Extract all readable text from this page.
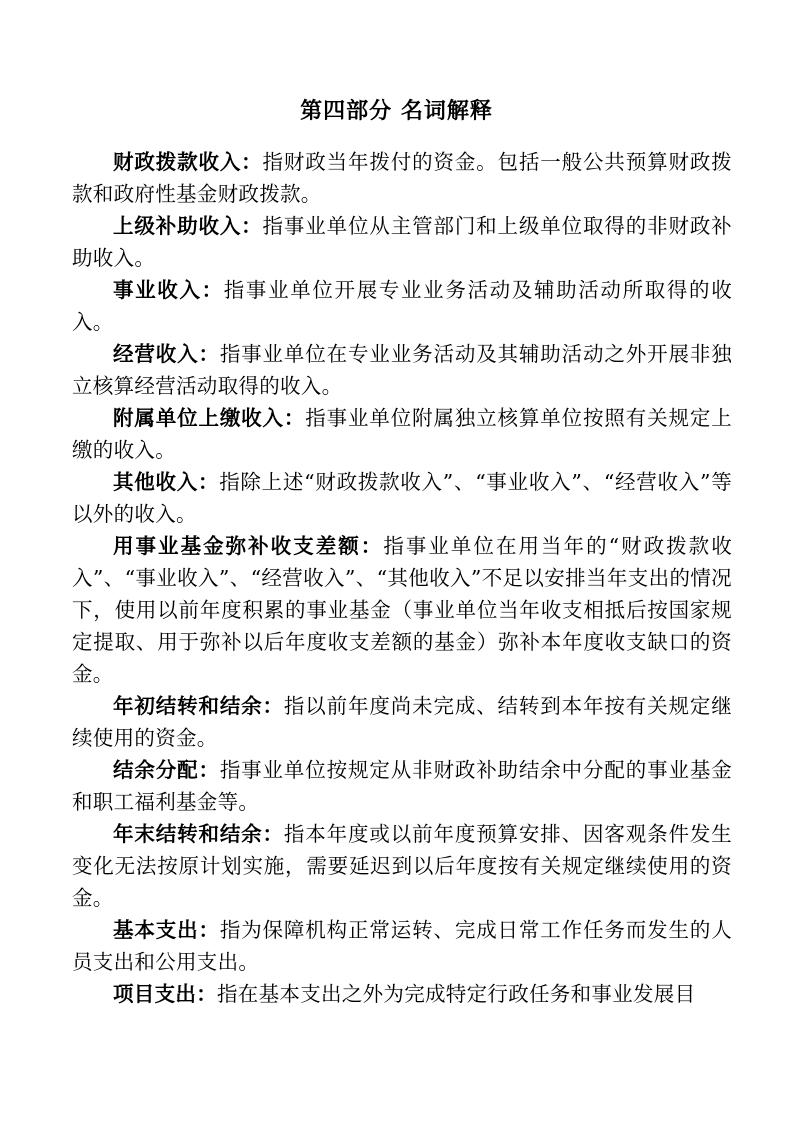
第四部分 名词解释

财政拨款收入：指财政当年拨付的资金。包括一般公共预算财政拨款和政府性基金财政拨款。

上级补助收入：指事业单位从主管部门和上级单位取得的非财政补助收入。

事业收入：指事业单位开展专业业务活动及辅助活动所取得的收入。

经营收入：指事业单位在专业业务活动及其辅助活动之外开展非独立核算经营活动取得的收入。

附属单位上缴收入：指事业单位附属独立核算单位按照有关规定上缴的收入。

其他收入：指除上述“财政拨款收入”、“事业收入”、“经营收入”等以外的收入。

用事业基金弥补收支差额：指事业单位在用当年的“财政拨款收入”、“事业收入”、“经营收入”、“其他收入”不足以安排当年支出的情况下，使用以前年度积累的事业基金（事业单位当年收支相抵后按国家规定提取、用于弥补以后年度收支差额的基金）弥补本年度收支缺口的资金。

年初结转和结余：指以前年度尚未完成、结转到本年按有关规定继续使用的资金。

结余分配：指事业单位按规定从非财政补助结余中分配的事业基金和职工福利基金等。

年末结转和结余：指本年度或以前年度预算安排、因客观条件发生变化无法按原计划实施，需要延迟到以后年度按有关规定继续使用的资金。

基本支出：指为保障机构正常运转、完成日常工作任务而发生的人员支出和公用支出。

项目支出：指在基本支出之外为完成特定行政任务和事业发展目
